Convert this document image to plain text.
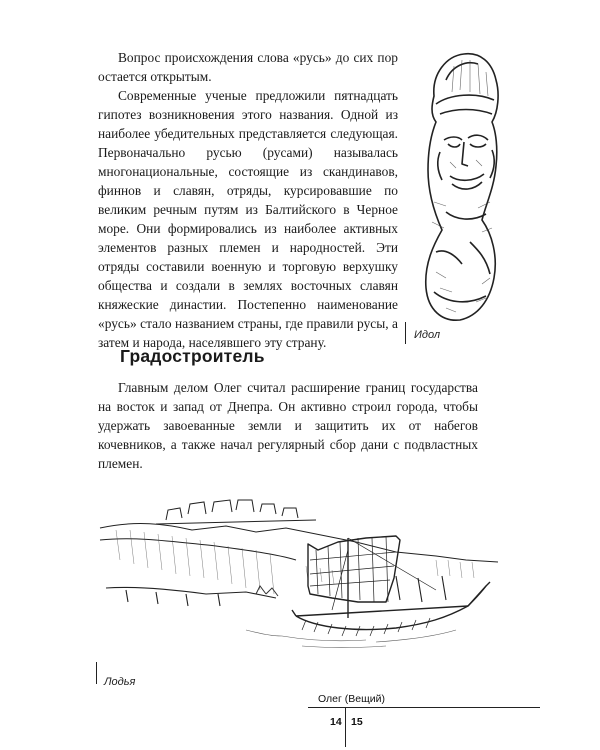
Вопрос происхождения слова «русь» до сих пор остается открытым.

Современные ученые предложили пятнадцать гипотез возникновения этого названия. Одной из наиболее убедительных представляется следующая. Первоначально русью (русами) называлась многонациональные, состоящие из скандинавов, финнов и славян, отряды, курсировавшие по великим речным путям из Балтийского в Черное море. Они формировались из наиболее активных элементов разных племен и народностей. Эти отряды составили военную и торговую верхушку общества и создали в землях восточных славян княжеские династии. Постепенно наименование «русь» стало названием страны, где правили русы, а затем и народа, населявшего эту страну.	Идол
Градостроитель

Главным делом Олег считал расширение границ государства на восток и запад от Днепра. Он активно строил города, чтобы удержать завоеванные земли и защитить их от набегов кочевников, а также начал регулярный сбор дани с подвластных племен.

Лодья
Олег (Вещий)
14 15
